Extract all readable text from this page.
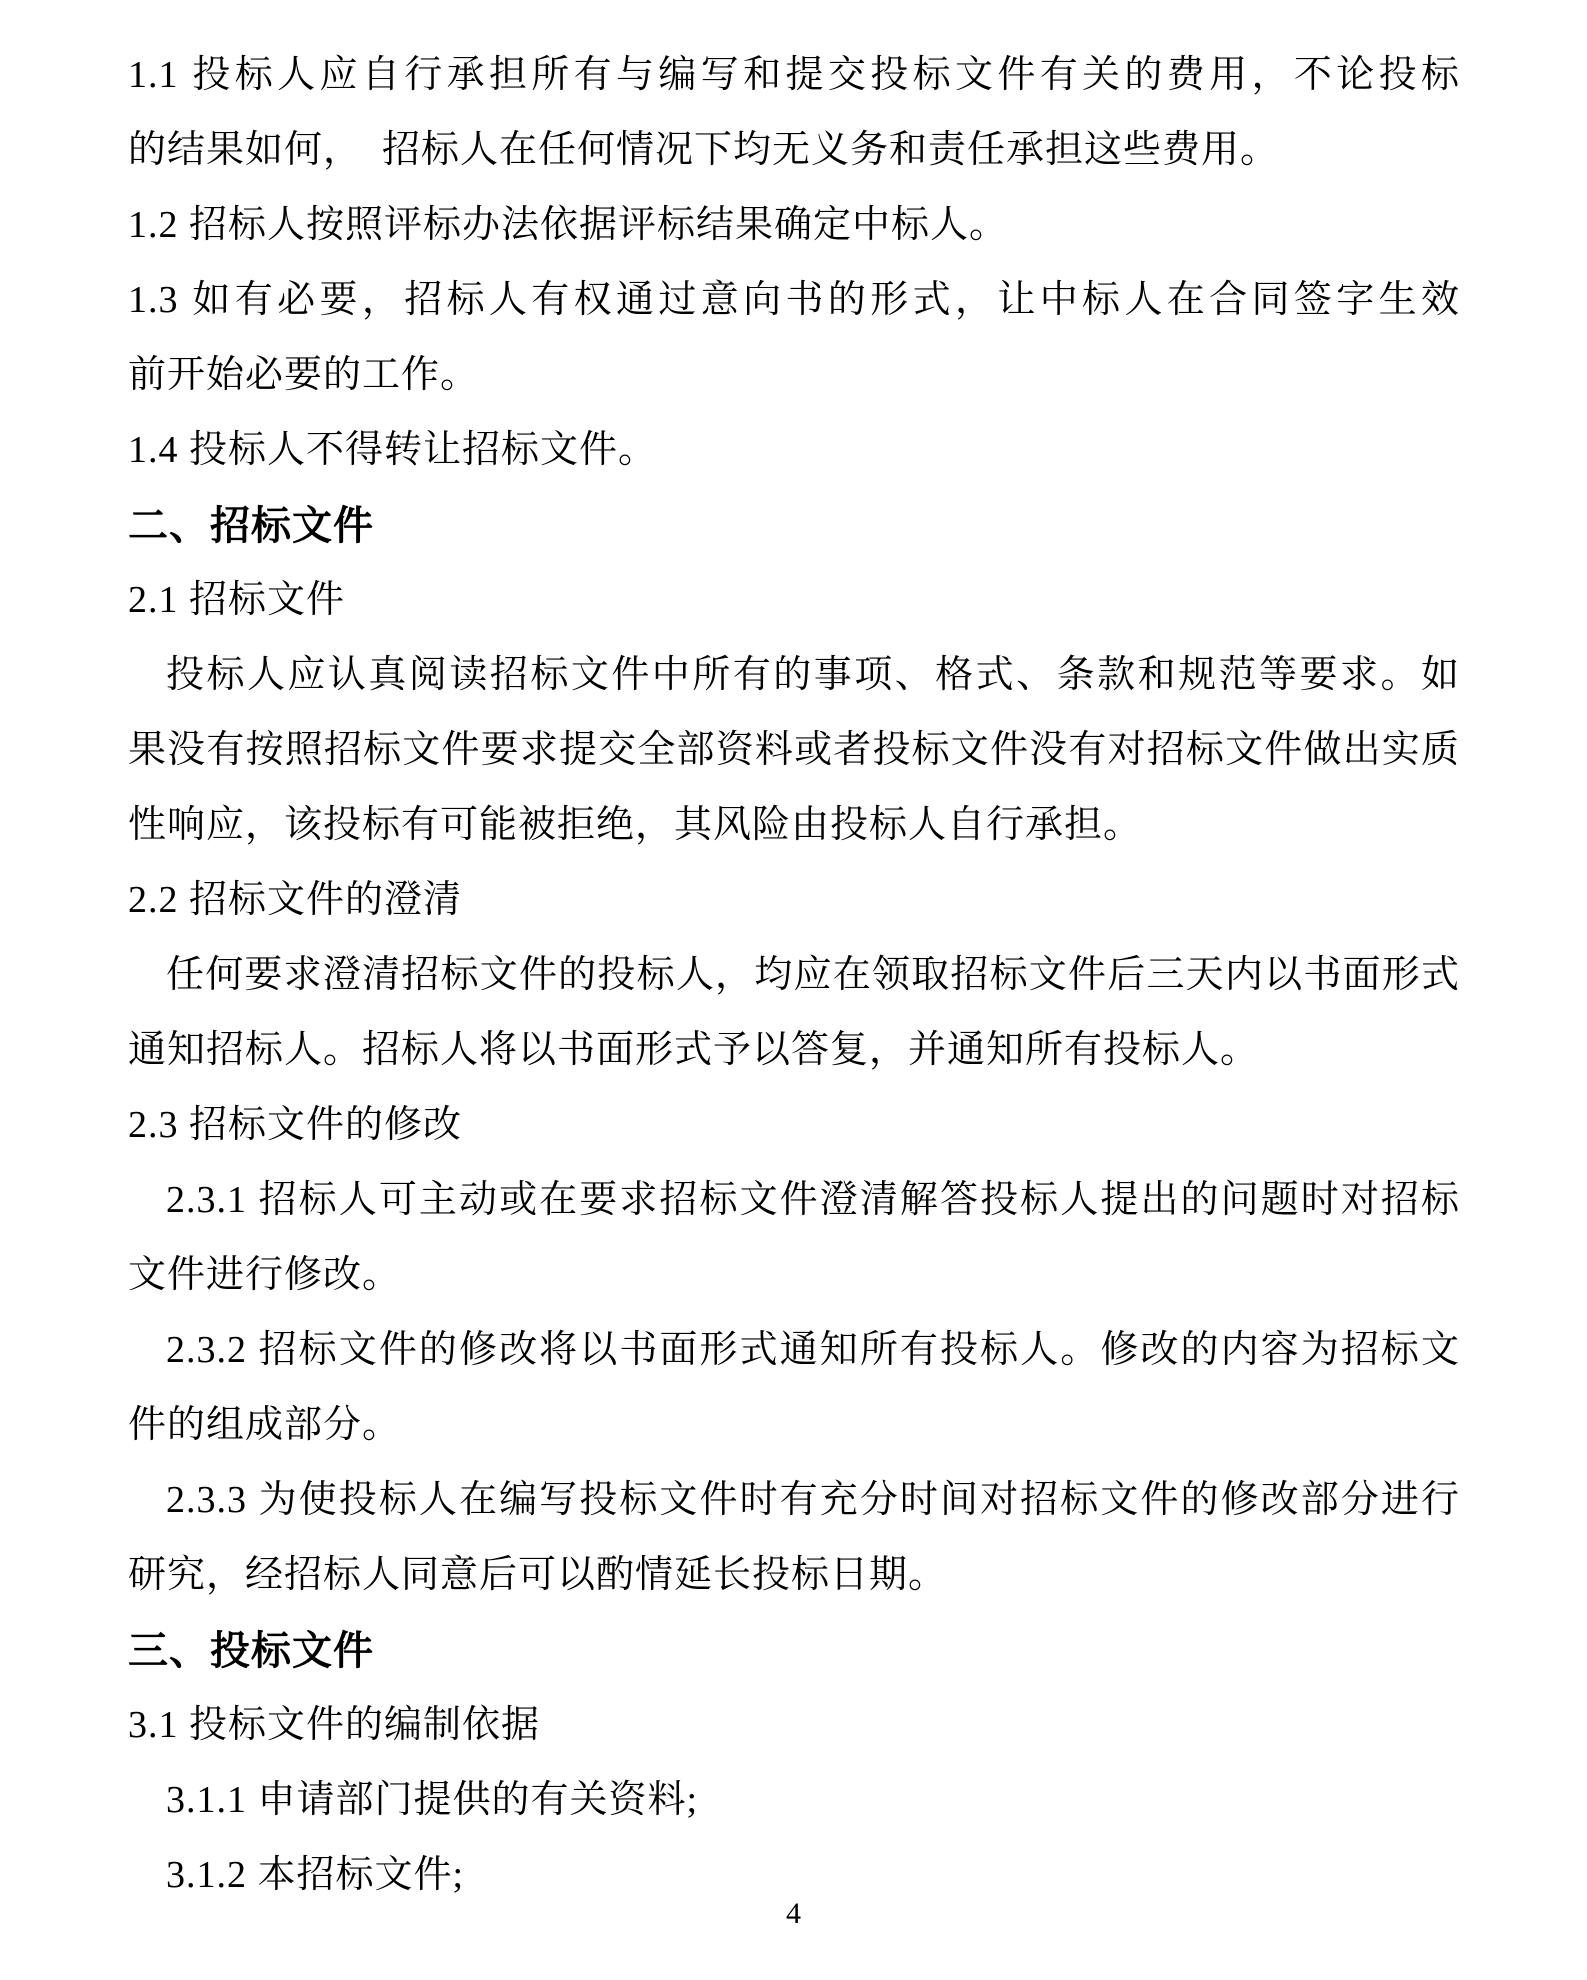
1.1 投标人应自行承担所有与编写和提交投标文件有关的费用，不论投标
的结果如何，　招标人在任何情况下均无义务和责任承担这些费用。
1.2 招标人按照评标办法依据评标结果确定中标人。
1.3 如有必要，招标人有权通过意向书的形式，让中标人在合同签字生效
前开始必要的工作。
1.4 投标人不得转让招标文件。
二、招标文件
2.1 招标文件
投标人应认真阅读招标文件中所有的事项、格式、条款和规范等要求。如
果没有按照招标文件要求提交全部资料或者投标文件没有对招标文件做出实质
性响应，该投标有可能被拒绝，其风险由投标人自行承担。
2.2 招标文件的澄清
任何要求澄清招标文件的投标人，均应在领取招标文件后三天内以书面形式
通知招标人。招标人将以书面形式予以答复，并通知所有投标人。
2.3 招标文件的修改
2.3.1 招标人可主动或在要求招标文件澄清解答投标人提出的问题时对招标
文件进行修改。
2.3.2 招标文件的修改将以书面形式通知所有投标人。修改的内容为招标文
件的组成部分。
2.3.3 为使投标人在编写投标文件时有充分时间对招标文件的修改部分进行
研究，经招标人同意后可以酌情延长投标日期。
三、投标文件
3.1 投标文件的编制依据
3.1.1 申请部门提供的有关资料;
3.1.2 本招标文件;
4
